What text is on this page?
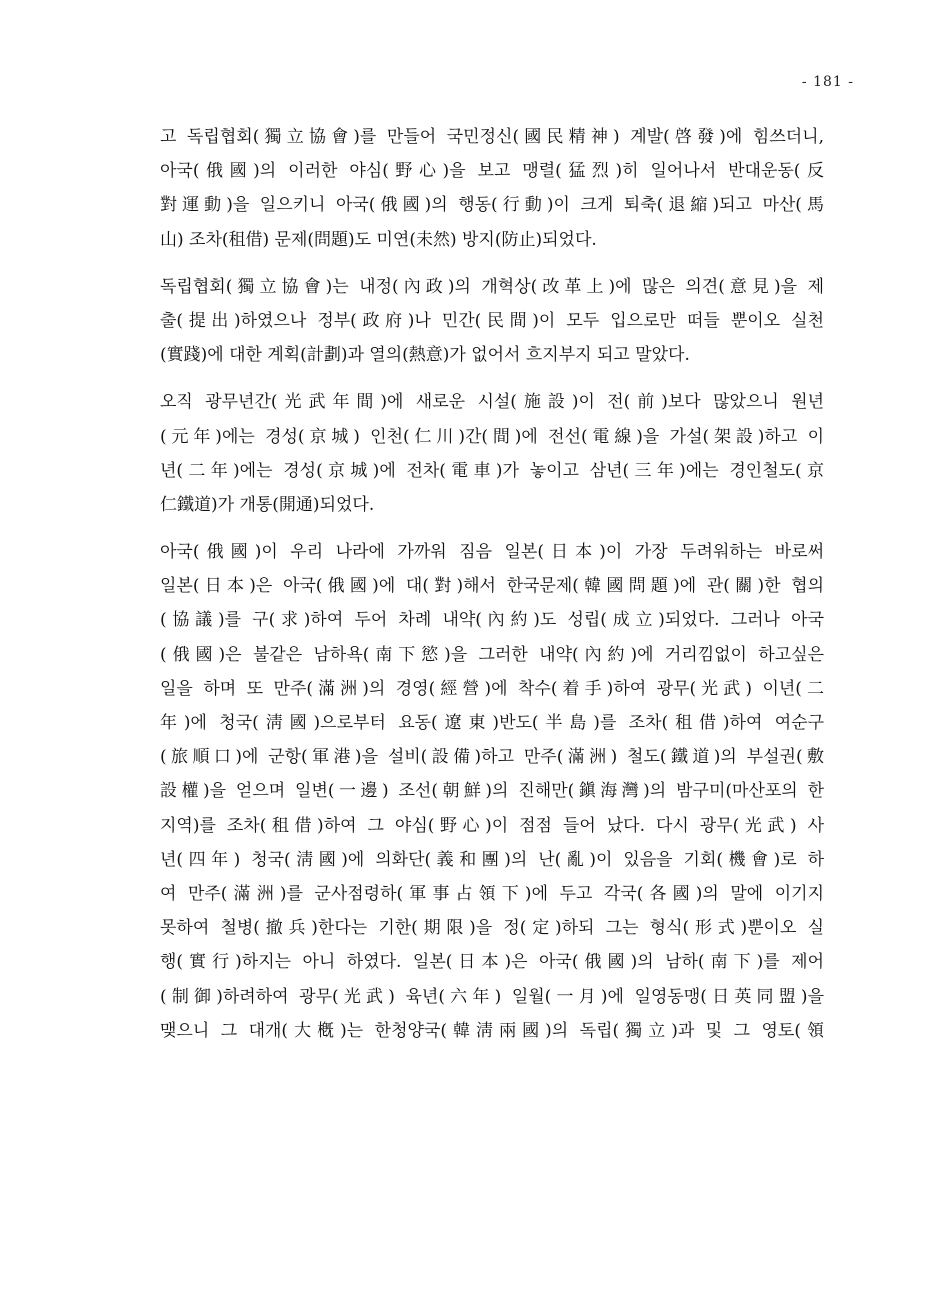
- 181 -
고 독립협회(獨立協會)를 만들어 국민정신(國民精神) 계발(啓發)에 힘쓰더니,
아국(俄國)의 이러한 야심(野心)을 보고 맹렬(猛烈)히 일어나서 반대운동(反
對運動)을 일으키니 아국(俄國)의 행동(行動)이 크게 퇴축(退縮)되고 마산(馬
山) 조차(租借) 문제(問題)도 미연(未然) 방지(防止)되었다.
독립협회(獨立協會)는 내정(內政)의 개혁상(改革上)에 많은 의견(意見)을 제
출(提出)하였으나 정부(政府)나 민간(民間)이 모두 입으로만 떠들 뿐이오 실천
(實踐)에 대한 계획(計劃)과 열의(熱意)가 없어서 흐지부지 되고 말았다.
오직 광무년간(光武年間)에 새로운 시설(施設)이 전(前)보다 많았으니 원년
(元年)에는 경성(京城) 인천(仁川)간(間)에 전선(電線)을 가설(架設)하고 이
년(二年)에는 경성(京城)에 전차(電車)가 놓이고 삼년(三年)에는 경인철도(京
仁鐵道)가 개통(開通)되었다.
아국(俄國)이 우리 나라에 가까워 짐음 일본(日本)이 가장 두려워하는 바로써
일본(日本)은 아국(俄國)에 대(對)해서 한국문제(韓國問題)에 관(關)한 협의
(協議)를 구(求)하여 두어 차례 내약(內約)도 성립(成立)되었다. 그러나 아국
(俄國)은 불같은 남하욕(南下慾)을 그러한 내약(內約)에 거리낌없이 하고싶은
일을 하며 또 만주(滿洲)의 경영(經營)에 착수(着手)하여 광무(光武) 이년(二
年)에 청국(淸國)으로부터 요동(遼東)반도(半島)를 조차(租借)하여 여순구
(旅順口)에 군항(軍港)을 설비(設備)하고 만주(滿洲) 철도(鐵道)의 부설권(敷
設權)을 얻으며 일변(一邊) 조선(朝鮮)의 진해만(鎭海灣)의 밤구미(마산포의 한
지역)를 조차(租借)하여 그 야심(野心)이 점점 들어 났다. 다시 광무(光武) 사
년(四年) 청국(淸國)에 의화단(義和團)의 난(亂)이 있음을 기회(機會)로 하
여 만주(滿洲)를 군사점령하(軍事占領下)에 두고 각국(各國)의 말에 이기지
못하여 철병(撤兵)한다는 기한(期限)을 정(定)하되 그는 형식(形式)뿐이오 실
행(實行)하지는 아니 하였다. 일본(日本)은 아국(俄國)의 남하(南下)를 제어
(制御)하려하여 광무(光武) 육년(六年) 일월(一月)에 일영동맹(日英同盟)을
맺으니 그 대개(大槪)는 한청양국(韓淸兩國)의 독립(獨立)과 및 그 영토(領
